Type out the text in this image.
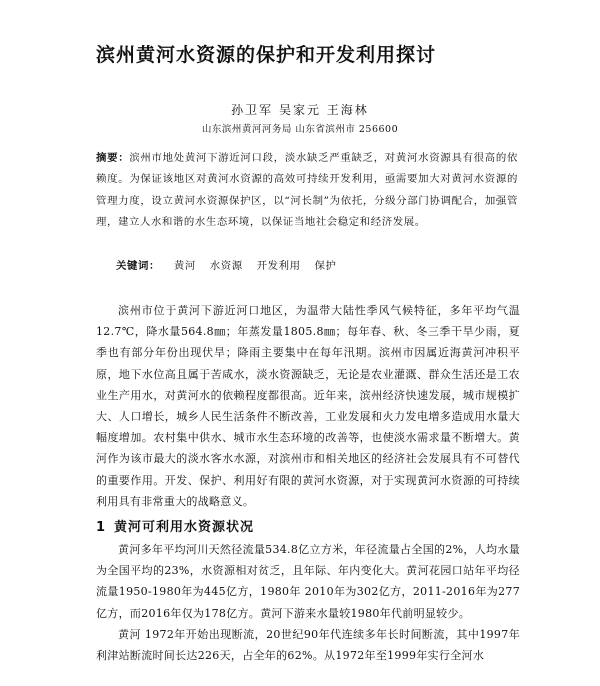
滨州黄河水资源的保护和开发利用探讨
孙卫军 吴家元 王海林
山东滨州黄河河务局 山东省滨州市 256600

摘要：滨州市地处黄河下游近河口段，淡水缺乏严重缺乏，对黄河水资源具有很高的依赖度。为保证该地区对黄河水资源的高效可持续开发利用，亟需要加大对黄河水资源的管理力度，设立黄河水资源保护区，以“河长制”为依托，分级分部门协调配合，加强管理，建立人水和谐的水生态环境，以保证当地社会稳定和经济发展。

关键词： 黄河 水资源 开发利用 保护

滨州市位于黄河下游近河口地区，为温带大陆性季风气候特征，多年平均气温12.7℃，降水量564.8㎜；年蒸发量1805.8㎜；每年春、秋、冬三季干旱少雨，夏季也有部分年份出现伏旱；降雨主要集中在每年汛期。滨州市因属近海黄河冲积平原，地下水位高且属于苦咸水，淡水资源缺乏，无论是农业灌溉、群众生活还是工农业生产用水，对黄河水的依赖程度都很高。近年来，滨州经济快速发展，城市规模扩大、人口增长，城乡人民生活条件不断改善，工业发展和火力发电增多造成用水量大幅度增加。农村集中供水、城市水生态环境的改善等，也使淡水需求量不断增大。黄河作为该市最大的淡水客水水源，对滨州市和相关地区的经济社会发展具有不可替代的重要作用。开发、保护、利用好有限的黄河水资源，对于实现黄河水资源的可持续利用具有非常重大的战略意义。

1 黄河可利用水资源状况

黄河多年平均河川天然径流量534.8亿立方米，年径流量占全国的2%，人均水量为全国平均的23%，水资源相对贫乏，且年际、年内变化大。黄河花园口站年平均径流量1950-1980年为445亿方，1980年 2010年为302亿方，2011-2016年为277亿方，而2016年仅为178亿方。黄河下游来水量较1980年代前明显较少。

黄河 1972年开始出现断流，20世纪90年代连续多年长时间断流，其中1997年利津站断流时间长达226天，占全年的62%。从1972年至1999年实行全河水
